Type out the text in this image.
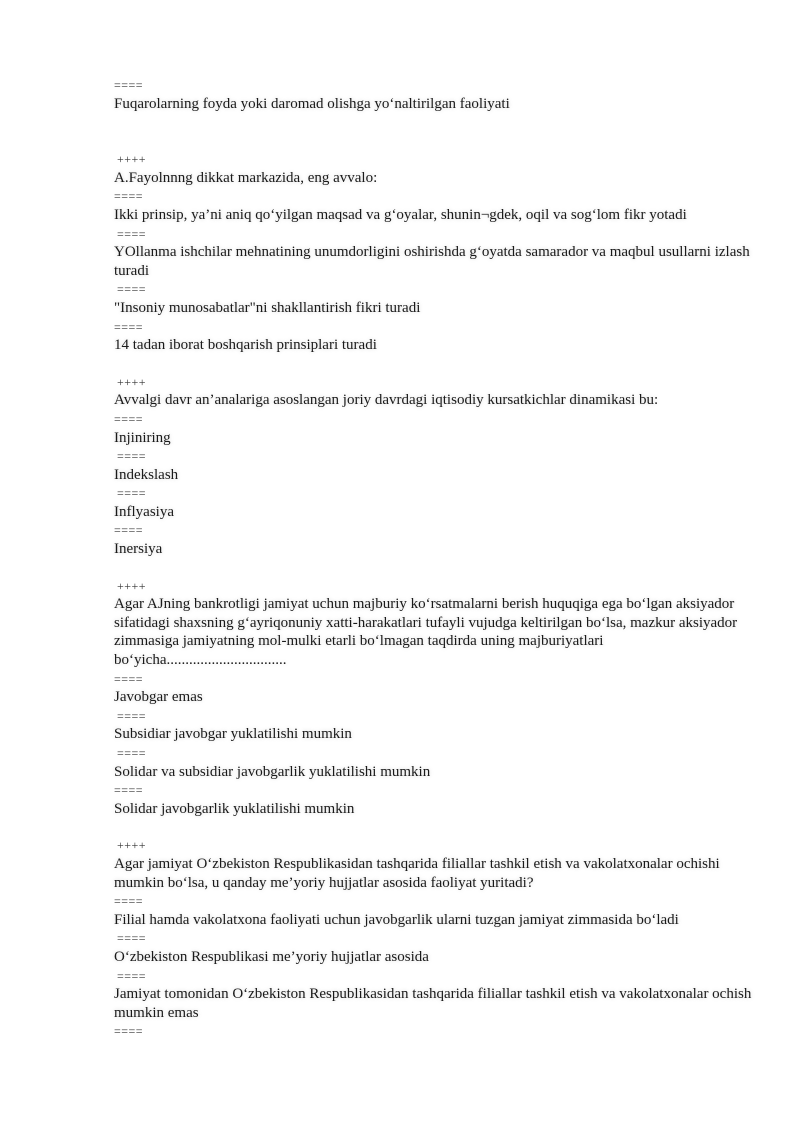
====
Fuqarolarning foyda yoki daromad olishga yo‘naltirilgan faoliyati
++++
A.Fayolnnng dikkat markazida, eng avvalo:
====
Ikki prinsip, ya’ni aniq qo‘yilgan maqsad va g‘oyalar, shunin¬gdek, oqil va sog‘lom fikr yotadi
====
YOllanma ishchilar mehnatining unumdorligini oshirishda g‘oyatda samarador va maqbul usullarni izlash turadi
====
"Insoniy munosabatlar"ni shakllantirish fikri turadi
====
14 tadan iborat boshqarish prinsiplari turadi
++++
Avvalgi davr an’analariga asoslangan joriy davrdagi iqtisodiy kursatkichlar dinamikasi bu:
====
Injiniring
====
Indekslash
====
Inflyasiya
====
Inersiya
++++
Agar AJning bankrotligi jamiyat uchun majburiy ko‘rsatmalarni berish huquqiga ega bo‘lgan aksiyador sifatidagi shaxsning g‘ayriqonuniy xatti-harakatlari tufayli vujudga keltirilgan bo‘lsa, mazkur aksiyador zimmasiga jamiyatning mol-mulki etarli bo‘lmagan taqdirda uning majburiyatlari bo‘yicha................................
====
Javobgar emas
====
Subsidiar javobgar yuklatilishi mumkin
====
Solidar va subsidiar javobgarlik yuklatilishi mumkin
====
Solidar javobgarlik yuklatilishi mumkin
++++
Agar jamiyat O‘zbekiston Respublikasidan tashqarida filiallar tashkil etish va vakolatxonalar ochishi mumkin bo‘lsa, u qanday me’yoriy hujjatlar asosida faoliyat yuritadi?
====
Filial hamda vakolatxona faoliyati uchun javobgarlik ularni tuzgan jamiyat zimmasida bo‘ladi
====
O‘zbekiston Respublikasi me’yoriy hujjatlar asosida
====
Jamiyat tomonidan O‘zbekiston Respublikasidan tashqarida filiallar tashkil etish va vakolatxonalar ochish mumkin emas
====
